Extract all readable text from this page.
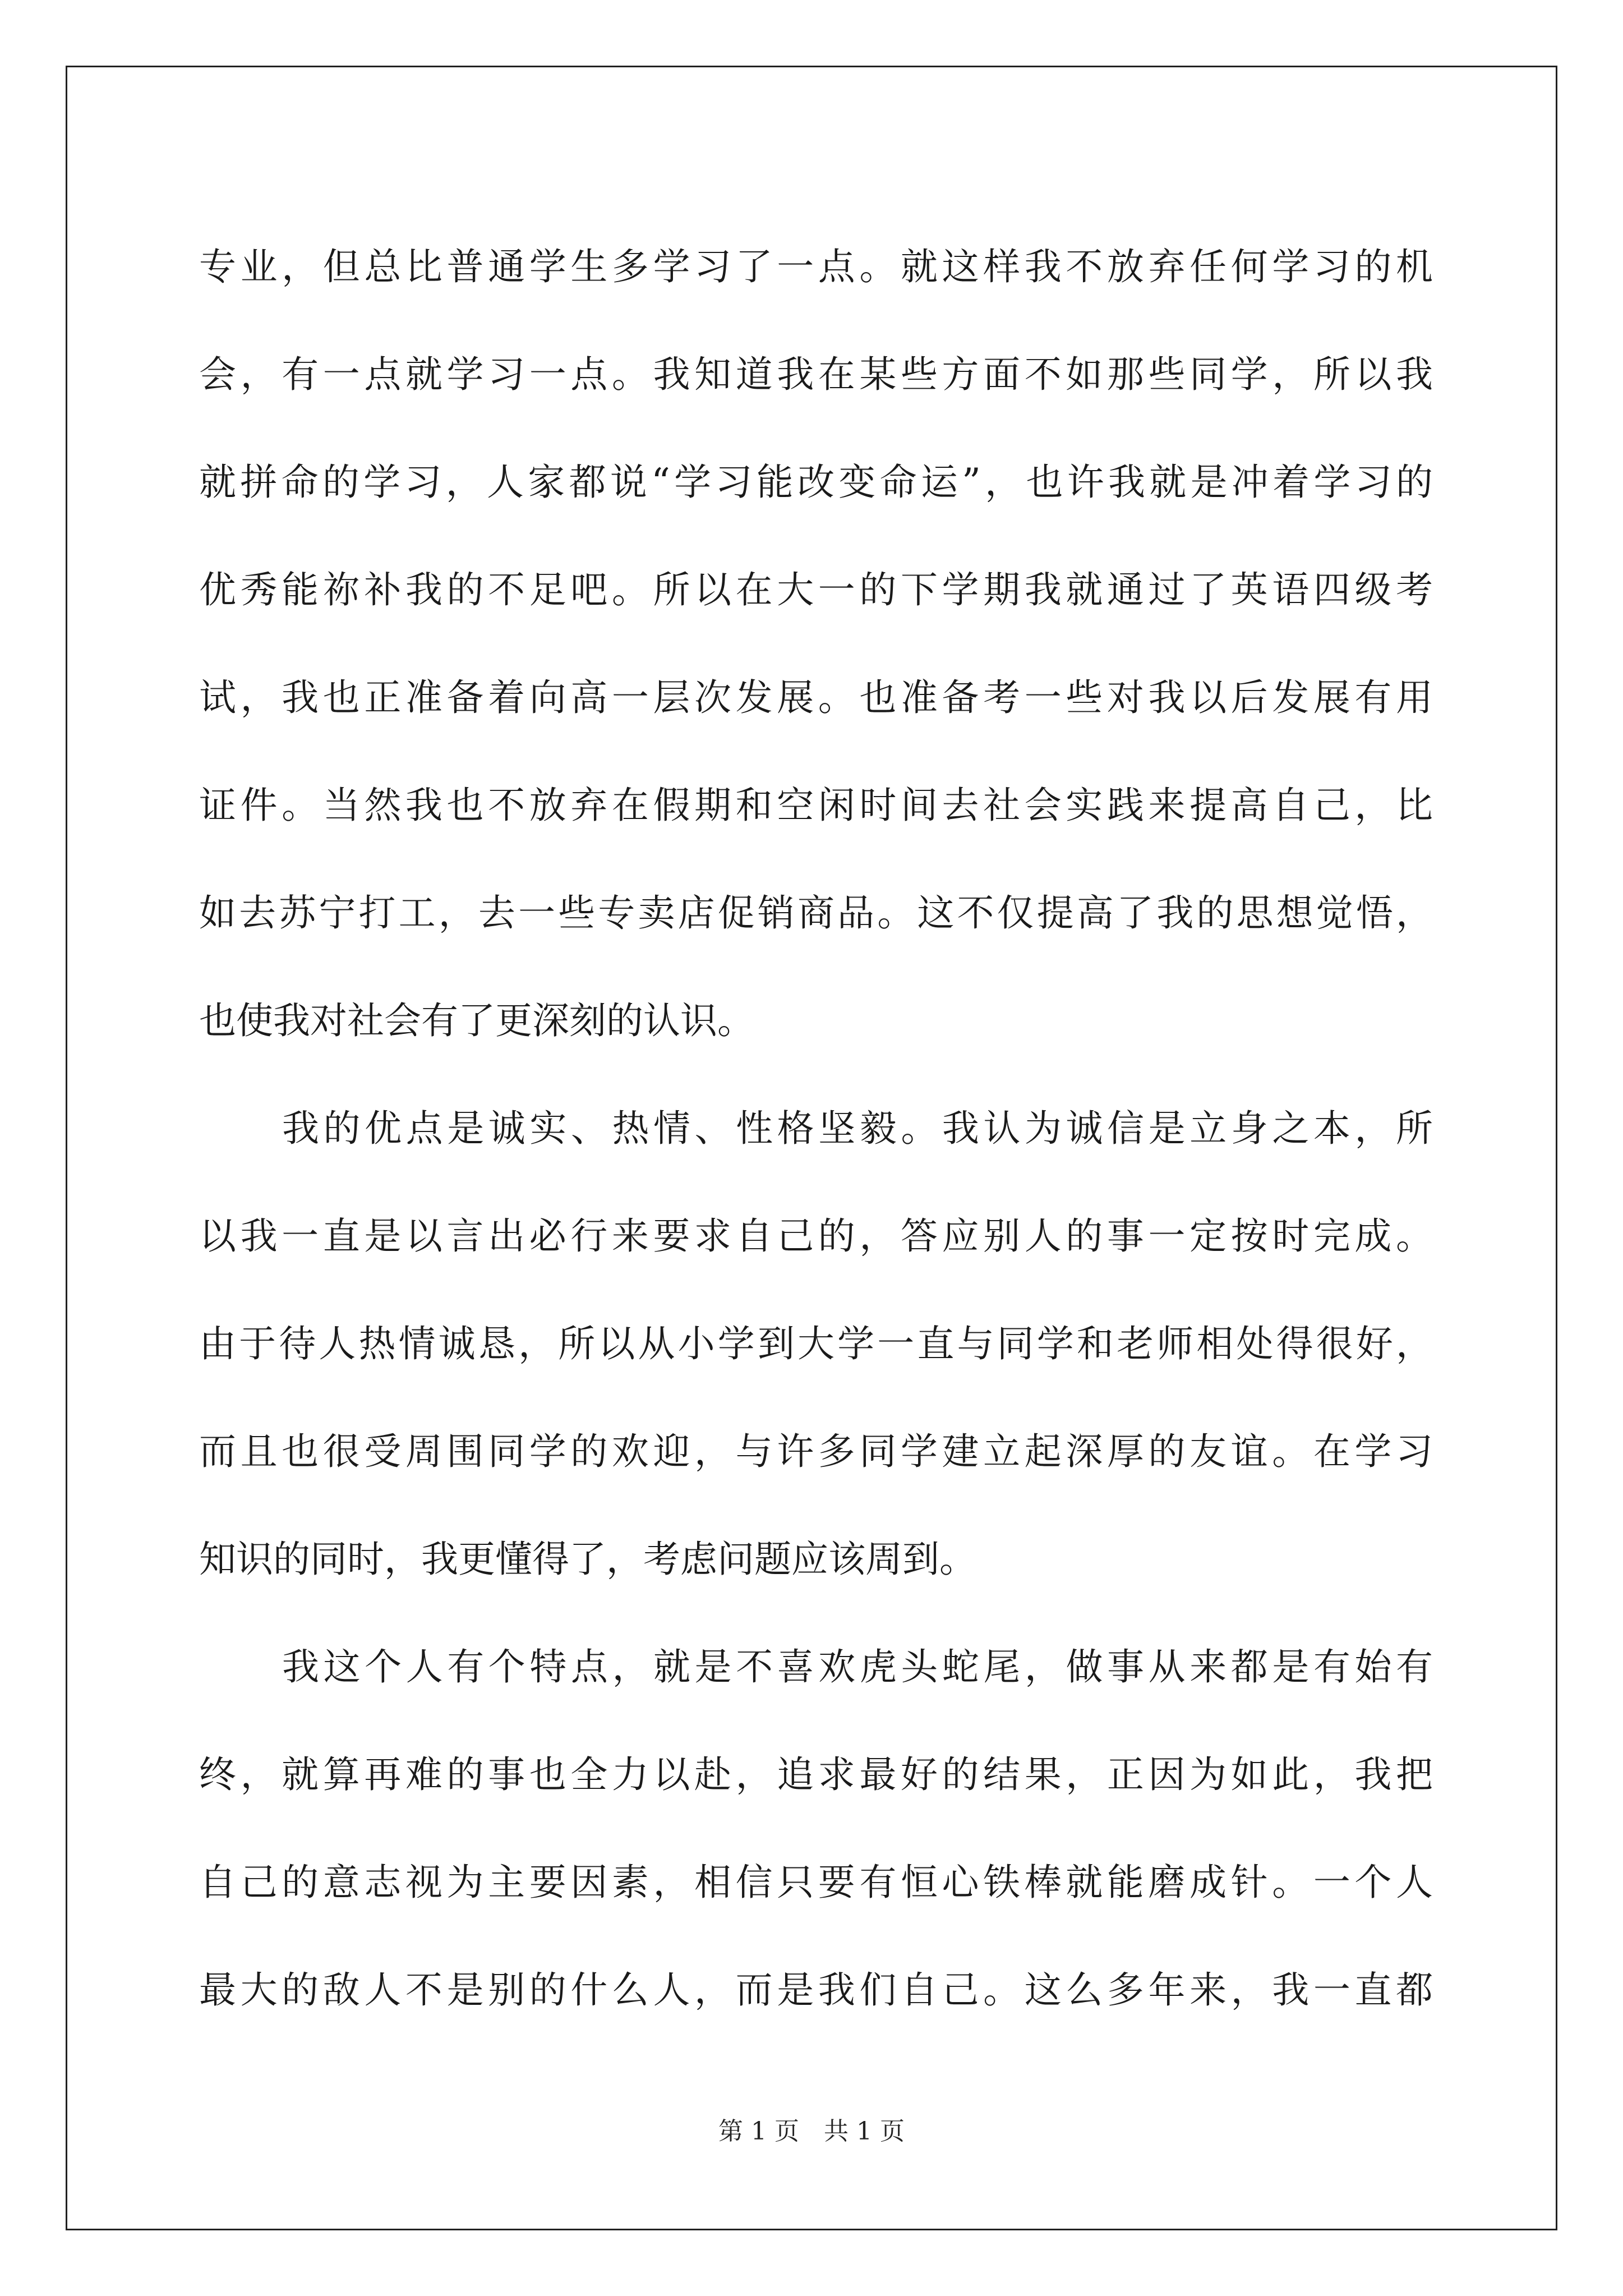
专业，但总比普通学生多学习了一点。就这样我不放弃任何学习的机
会，有一点就学习一点。我知道我在某些方面不如那些同学，所以我
就拼命的学习，人家都说“学习能改变命运”，也许我就是冲着学习的
优秀能祢补我的不足吧。所以在大一的下学期我就通过了英语四级考
试，我也正准备着向高一层次发展。也准备考一些对我以后发展有用
证件。当然我也不放弃在假期和空闲时间去社会实践来提高自己，比
如去苏宁打工，去一些专卖店促销商品。这不仅提高了我的思想觉悟，
也使我对社会有了更深刻的认识。
我的优点是诚实、热情、性格坚毅。我认为诚信是立身之本，所
以我一直是以言出必行来要求自己的，答应别人的事一定按时完成。
由于待人热情诚恳，所以从小学到大学一直与同学和老师相处得很好，
而且也很受周围同学的欢迎，与许多同学建立起深厚的友谊。在学习
知识的同时，我更懂得了，考虑问题应该周到。
我这个人有个特点，就是不喜欢虎头蛇尾，做事从来都是有始有
终，就算再难的事也全力以赴，追求最好的结果，正因为如此，我把
自己的意志视为主要因素，相信只要有恒心铁棒就能磨成针。一个人
最大的敌人不是别的什么人，而是我们自己。这么多年来，我一直都
第 1 页　共 1 页
